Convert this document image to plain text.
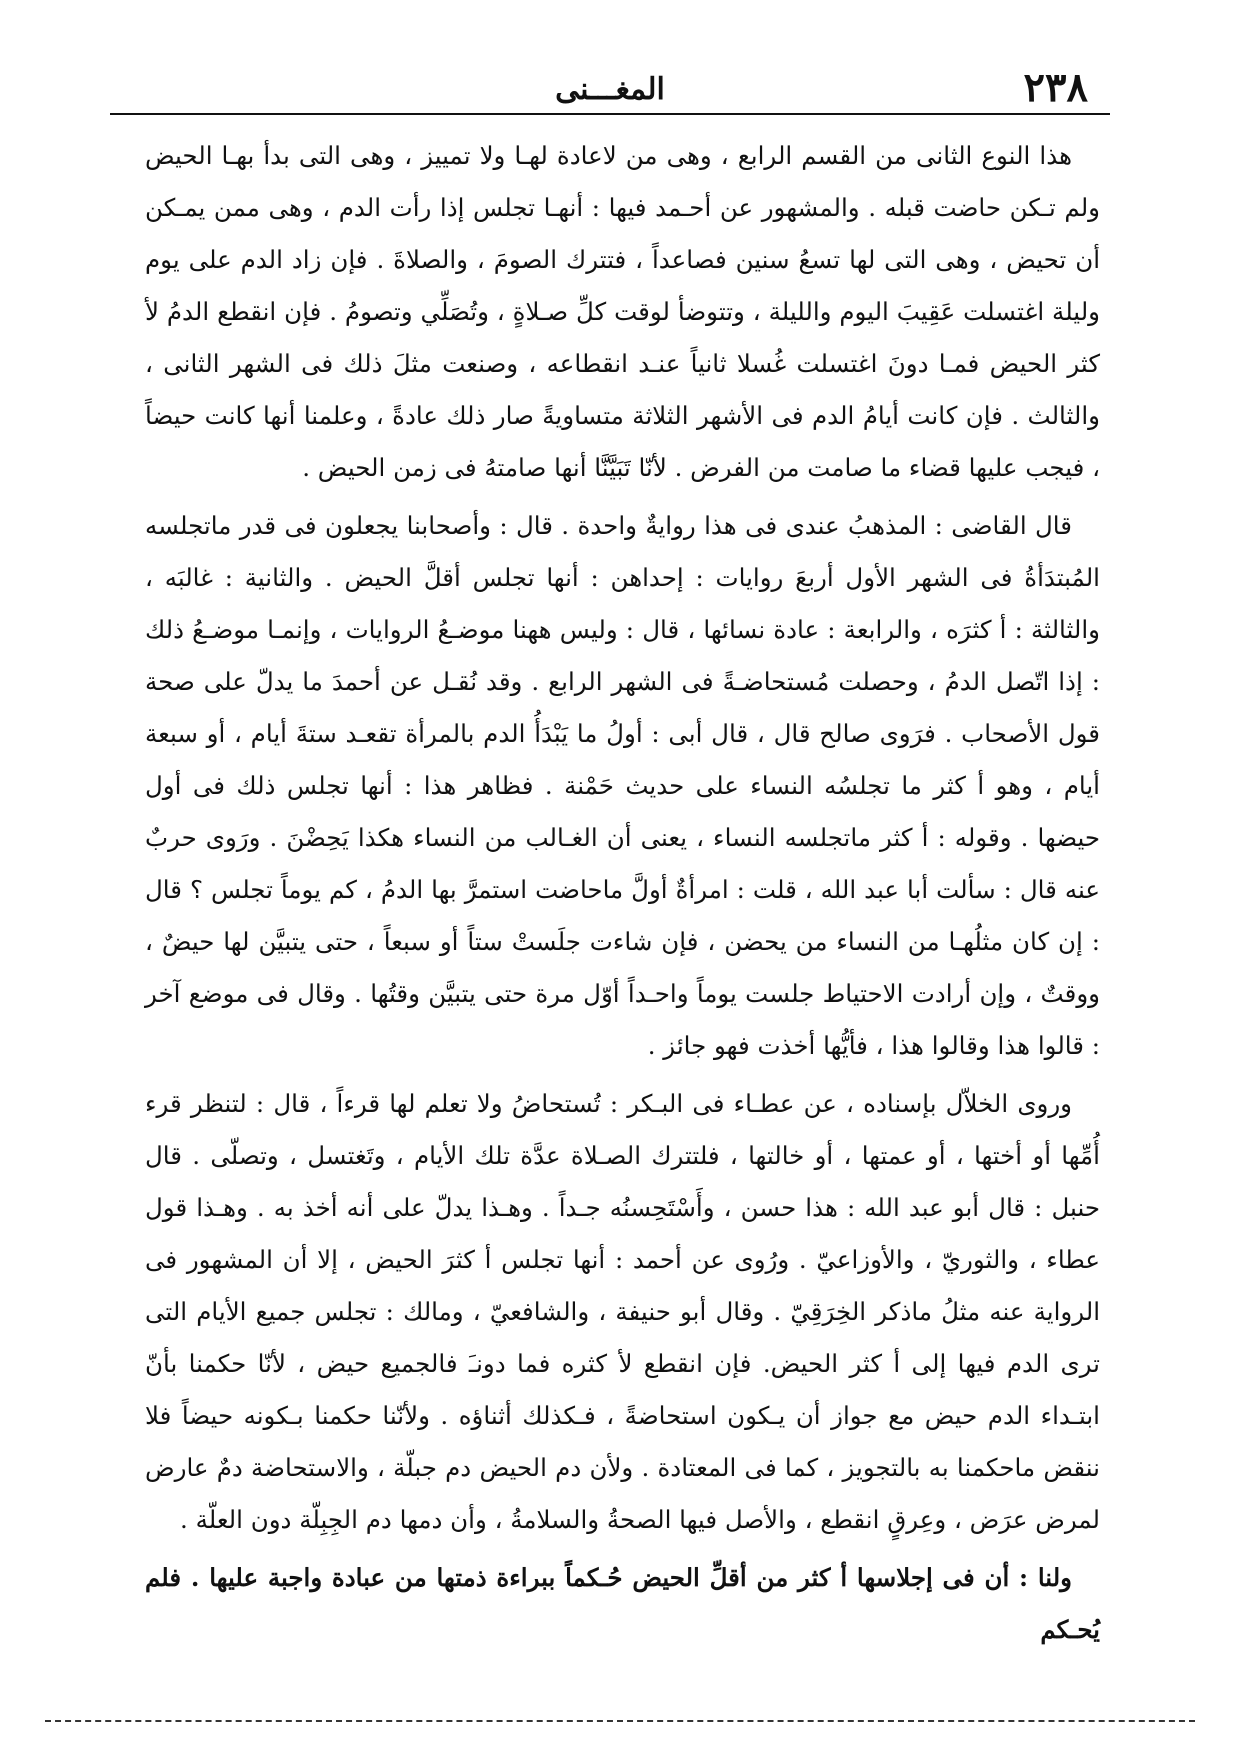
٢٣٨
المغـــنى

هذا النوع الثانى من القسم الرابع ، وهى من لاعادة لهـا ولا تمييز ، وهى التى بدأ بهـا الحيض ولم تـكن حاضت قبله . والمشهور عن أحـمد فيها : أنهـا تجلس إذا رأت الدم ، وهى ممن يمـكن أن تحيض ، وهى التى لها تسعُ سنين فصاعداً ، فتترك الصومَ ، والصلاةَ . فإن زاد الدم على يوم وليلة اغتسلت عَقِيبَ اليوم والليلة ، وتتوضأ لوقت كلِّ صـلاةٍ ، وتُصَلِّي وتصومُ . فإن انقطع الدمُ لأ كثر الحيض فمـا دونَ اغتسلت غُسلا ثانياً عنـد انقطاعه ، وصنعت مثلَ ذلك فى الشهر الثانى ، والثالث . فإن كانت أيامُ الدم فى الأشهر الثلاثة متساويةً صار ذلك عادةً ، وعلمنا أنها كانت حيضاً ، فيجب عليها قضاء ما صامت من الفرض . لأنّا تَبَيَّنَّا أنها صامتهُ فى زمن الحيض .

قال القاضى : المذهبُ عندى فى هذا روايةٌ واحدة . قال : وأصحابنا يجعلون فى قدر ماتجلسه المُبتدَأةُ فى الشهر الأول أربعَ روايات : إحداهن : أنها تجلس أقلَّ الحيض . والثانية : غالبَه ، والثالثة : أ كثرَه ، والرابعة : عادة نسائها ، قال : وليس ههنا موضـعُ الروايات ، وإنمـا موضـعُ ذلك : إذا اتّصل الدمُ ، وحصلت مُستحاضـةً فى الشهر الرابع . وقد نُقـل عن أحمدَ ما يدلّ على صحة قول الأصحاب . فرَوى صالح قال ، قال أبى : أولُ ما يَبْدَأُ الدم بالمرأة تقعـد ستةَ أيام ، أو سبعة أيام ، وهو أ كثر ما تجلسُه النساء على حديث حَمْنة . فظاهر هذا : أنها تجلس ذلك فى أول حيضها . وقوله : أ كثر ماتجلسه النساء ، يعنى أن الغـالب من النساء هكذا يَحِضْنَ . ورَوى حربٌ عنه قال : سألت أبا عبد الله ، قلت : امرأةٌ أولَّ ماحاضت استمرَّ بها الدمُ ، كم يوماً تجلس ؟ قال : إن كان مثلُهـا من النساء من يحضن ، فإن شاءت جلَستْ ستاً أو سبعاً ، حتى يتبيَّن لها حيضٌ ، ووقتٌ ، وإن أرادت الاحتياط جلست يوماً واحـداً أوّل مرة حتى يتبيَّن وقتُها . وقال فى موضع آخر : قالوا هذا وقالوا هذا ، فأيُّها أخذت فهو جائز .

وروى الخلاّل بإسناده ، عن عطـاء فى البـكر : تُستحاضُ ولا تعلم لها قرءاً ، قال : لتنظر قرء أُمِّها أو أختها ، أو عمتها ، أو خالتها ، فلتترك الصـلاة عدَّة تلك الأيام ، وتَغتسل ، وتصلّى . قال حنبل : قال أبو عبد الله : هذا حسن ، وأَسْتَحِسنُه جـداً . وهـذا يدلّ على أنه أخذ به . وهـذا قول عطاء ، والثوريّ ، والأوزاعيّ . ورُوى عن أحمد : أنها تجلس أ كثرَ الحيض ، إلا أن المشهور فى الرواية عنه مثلُ ماذكر الخِرَقِيّ . وقال أبو حنيفة ، والشافعيّ ، ومالك : تجلس جميع الأيام التى ترى الدم فيها إلى أ كثر الحيض. فإن انقطع لأ كثره فما دونـَ فالجميع حيض ، لأنّا حكمنا بأنّ ابتـداء الدم حيض مع جواز أن يـكون استحاضةً ، فـكذلك أثناؤه . ولأنّنا حكمنا بـكونه حيضاً فلا ننقض ماحكمنا به بالتجويز ، كما فى المعتادة . ولأن دم الحيض دم جبلّة ، والاستحاضة دمٌ عارض لمرض عرَض ، وعِرقٍ انقطع ، والأصل فيها الصحةُ والسلامةُ ، وأن دمها دم الجِبِلّة دون العلّة .

ولنا : أن فى إجلاسها أ كثر من أقلِّ الحيض حُـكماً ببراءة ذمتها من عبادة واجبة عليها . فلم يُحـكم
